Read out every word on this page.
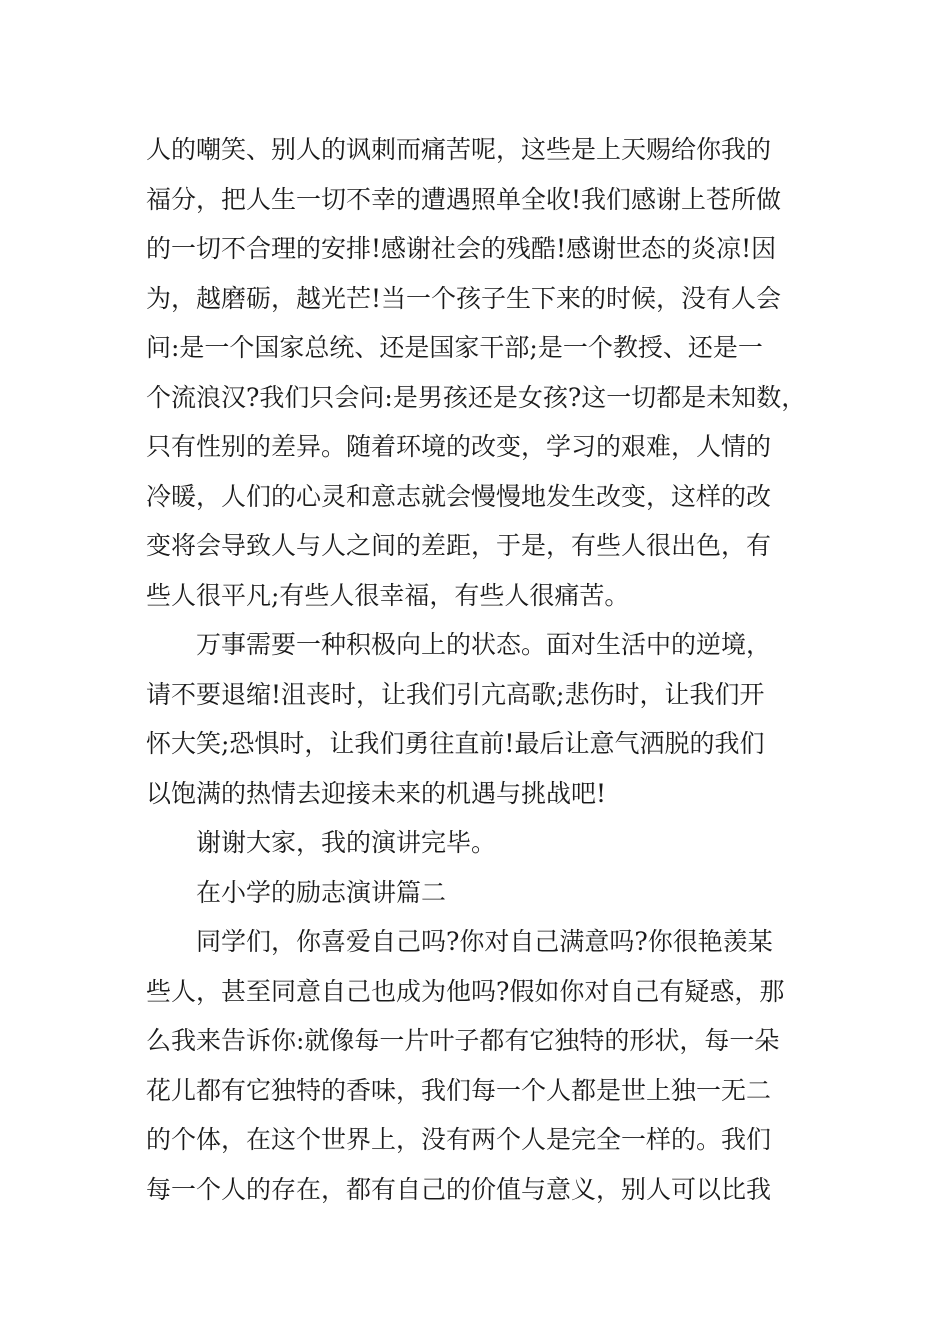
人的嘲笑、别人的讽刺而痛苦呢，这些是上天赐给你我的
福分，把人生一切不幸的遭遇照单全收!我们感谢上苍所做
的一切不合理的安排!感谢社会的残酷!感谢世态的炎凉!因
为，越磨砺，越光芒!当一个孩子生下来的时候，没有人会
问:是一个国家总统、还是国家干部;是一个教授、还是一
个流浪汉?我们只会问:是男孩还是女孩?这一切都是未知数，
只有性别的差异。随着环境的改变，学习的艰难，人情的
冷暖，人们的心灵和意志就会慢慢地发生改变，这样的改
变将会导致人与人之间的差距，于是，有些人很出色，有
些人很平凡;有些人很幸福，有些人很痛苦。
万事需要一种积极向上的状态。面对生活中的逆境，
请不要退缩!沮丧时，让我们引亢高歌;悲伤时，让我们开
怀大笑;恐惧时，让我们勇往直前!最后让意气洒脱的我们
以饱满的热情去迎接未来的机遇与挑战吧!
谢谢大家，我的演讲完毕。
在小学的励志演讲篇二
同学们，你喜爱自己吗?你对自己满意吗?你很艳羡某
些人，甚至同意自己也成为他吗?假如你对自己有疑惑，那
么我来告诉你:就像每一片叶子都有它独特的形状，每一朵
花儿都有它独特的香味，我们每一个人都是世上独一无二
的个体，在这个世界上，没有两个人是完全一样的。我们
每一个人的存在，都有自己的价值与意义，别人可以比我
